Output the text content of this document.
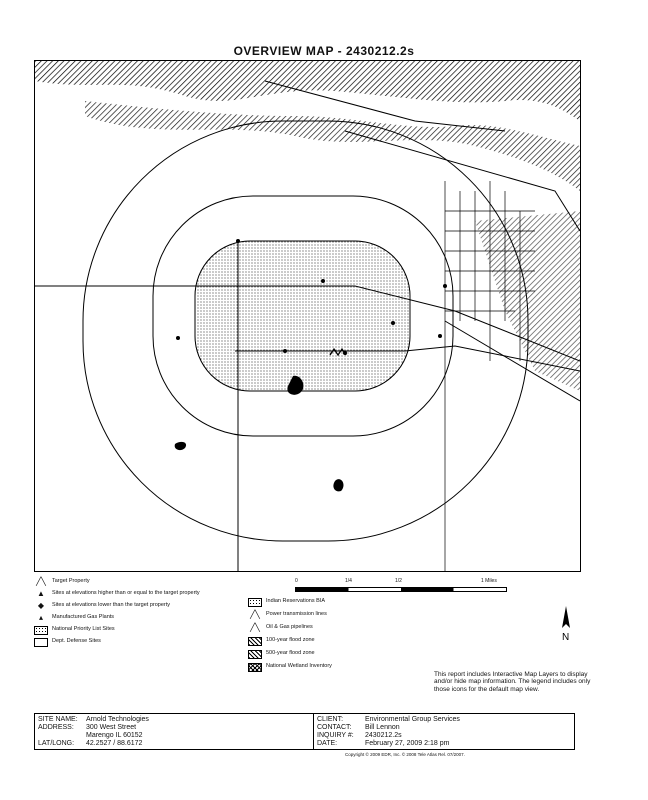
OVERVIEW MAP - 2430212.2s
0	1/4	1/2	1 Miles
N
╱╲	Target Property
▲	Sites at elevations higher than or equal to the target property
◆	Sites at elevations lower than the target property
▴	Manufactured Gas Plants
National Priority List Sites
Dept. Defense Sites
Indian Reservations BIA
╱╲	Power transmission lines
╱╲	Oil & Gas pipelines
100-year flood zone
500-year flood zone
National Wetland Inventory
This report includes Interactive Map Layers to display and/or hide map information. The legend includes only those icons for the default map view.
SITE NAME: Arnold Technologies
ADDRESS: 300 West Street
Marengo IL 60152
LAT/LONG: 42.2527 / 88.6172
CLIENT:	Environmental Group Services
CONTACT: Bill Lennon
INQUIRY #: 2430212.2s
DATE:	February 27, 2009 2:18 pm
Copyright © 2009 EDR, Inc. © 2008 Tele Atlas Rel. 07/2007.
